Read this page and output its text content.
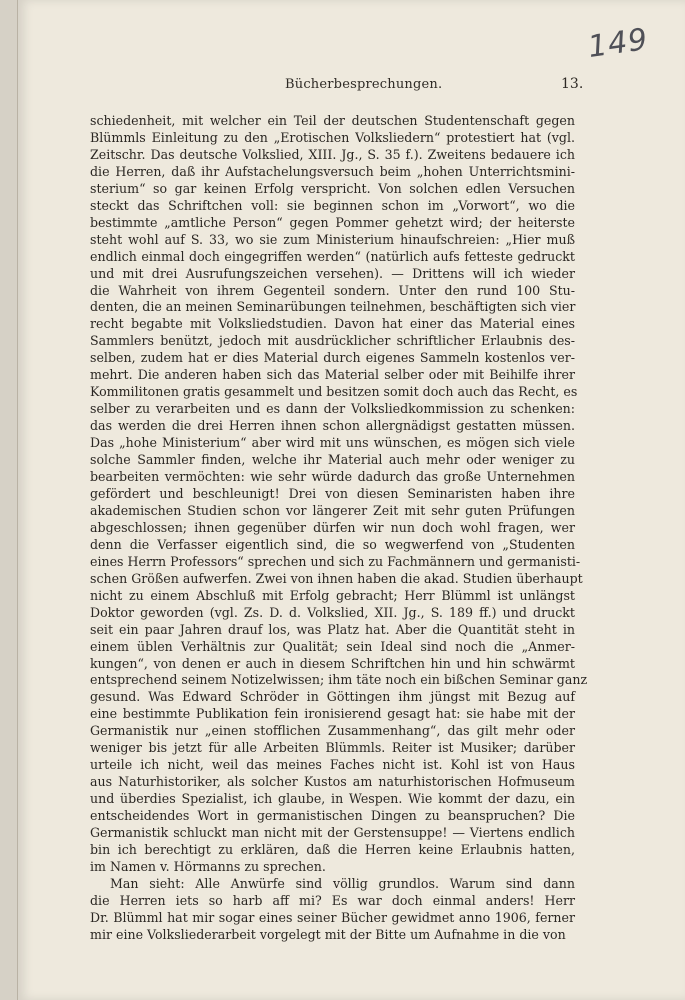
149
Bücherbesprechungen.	13.
schiedenheit, mit welcher ein Teil der deutschen Studentenschaft gegen
Blümmls Einleitung zu den „Erotischen Volksliedern“ protestiert hat (vgl.
Zeitschr. Das deutsche Volkslied, XIII. Jg., S. 35 f.). Zweitens bedauere ich
die Herren, daß ihr Aufstachelungsversuch beim „hohen Unterrichtsmini-
sterium“ so gar keinen Erfolg verspricht. Von solchen edlen Versuchen
steckt das Schriftchen voll: sie beginnen schon im „Vorwort“, wo die
bestimmte „amtliche Person“ gegen Pommer gehetzt wird; der heiterste
steht wohl auf S. 33, wo sie zum Ministerium hinaufschreien: „Hier muß
endlich einmal doch eingegriffen werden“ (natürlich aufs fetteste gedruckt
und mit drei Ausrufungszeichen versehen). — Drittens will ich wieder
die Wahrheit von ihrem Gegenteil sondern. Unter den rund 100 Stu-
denten, die an meinen Seminarübungen teilnehmen, beschäftigten sich vier
recht begabte mit Volksliedstudien. Davon hat einer das Material eines
Sammlers benützt, jedoch mit ausdrücklicher schriftlicher Erlaubnis des-
selben, zudem hat er dies Material durch eigenes Sammeln kostenlos ver-
mehrt. Die anderen haben sich das Material selber oder mit Beihilfe ihrer
Kommilitonen gratis gesammelt und besitzen somit doch auch das Recht, es
selber zu verarbeiten und es dann der Volksliedkommission zu schenken:
das werden die drei Herren ihnen schon allergnädigst gestatten müssen.
Das „hohe Ministerium“ aber wird mit uns wünschen, es mögen sich viele
solche Sammler finden, welche ihr Material auch mehr oder weniger zu
bearbeiten vermöchten: wie sehr würde dadurch das große Unternehmen
gefördert und beschleunigt! Drei von diesen Seminaristen haben ihre
akademischen Studien schon vor längerer Zeit mit sehr guten Prüfungen
abgeschlossen; ihnen gegenüber dürfen wir nun doch wohl fragen, wer
denn die Verfasser eigentlich sind, die so wegwerfend von „Studenten
eines Herrn Professors“ sprechen und sich zu Fachmännern und germanisti-
schen Größen aufwerfen. Zwei von ihnen haben die akad. Studien überhaupt
nicht zu einem Abschluß mit Erfolg gebracht; Herr Blümml ist unlängst
Doktor geworden (vgl. Zs. D. d. Volkslied, XII. Jg., S. 189 ff.) und druckt
seit ein paar Jahren drauf los, was Platz hat. Aber die Quantität steht in
einem üblen Verhältnis zur Qualität; sein Ideal sind noch die „Anmer-
kungen“, von denen er auch in diesem Schriftchen hin und hin schwärmt
entsprechend seinem Notizelwissen; ihm täte noch ein bißchen Seminar ganz
gesund. Was Edward Schröder in Göttingen ihm jüngst mit Bezug auf
eine bestimmte Publikation fein ironisierend gesagt hat: sie habe mit der
Germanistik nur „einen stofflichen Zusammenhang“, das gilt mehr oder
weniger bis jetzt für alle Arbeiten Blümmls. Reiter ist Musiker; darüber
urteile ich nicht, weil das meines Faches nicht ist. Kohl ist von Haus
aus Naturhistoriker, als solcher Kustos am naturhistorischen Hofmuseum
und überdies Spezialist, ich glaube, in Wespen. Wie kommt der dazu, ein
entscheidendes Wort in germanistischen Dingen zu beanspruchen? Die
Germanistik schluckt man nicht mit der Gerstensuppe! — Viertens endlich
bin ich berechtigt zu erklären, daß die Herren keine Erlaubnis hatten,
im Namen v. Hörmanns zu sprechen.
Man sieht: Alle Anwürfe sind völlig grundlos. Warum sind dann
die Herren iets so harb aff mi? Es war doch einmal anders! Herr
Dr. Blümml hat mir sogar eines seiner Bücher gewidmet anno 1906, ferner
mir eine Volksliederarbeit vorgelegt mit der Bitte um Aufnahme in die von
